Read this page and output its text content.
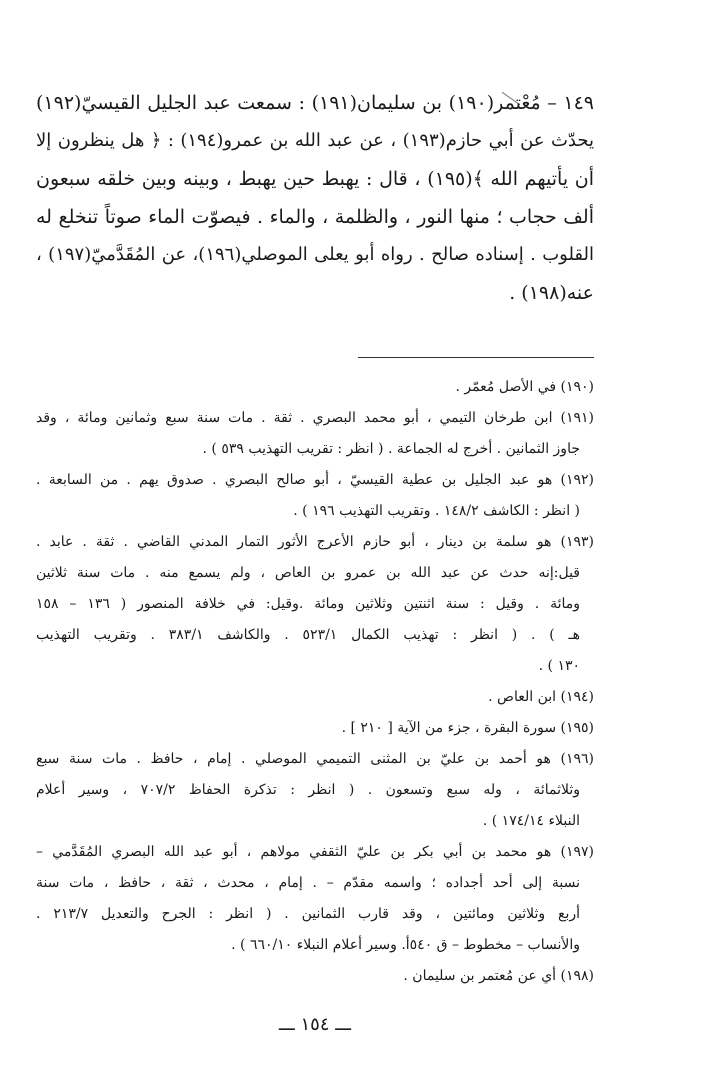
١٤٩ – مُعْتمر(١٩٠) بن سليمان(١٩١) : سمعت عبد الجليل القيسيّ(١٩٢)
يحدّث عن أبي حازم(١٩٣) ، عن عبد الله بن عمرو(١٩٤) : ﴿ هل ينظرون إلا
أن يأتيهم الله ﴾(١٩٥) ، قال : يهبط حين يهبط ، وبينه وبين خلقه سبعون
ألف حجاب ؛ منها النور ، والظلمة ، والماء . فيصوّت الماء صوتاً تنخلع له
القلوب . إسناده صالح . رواه أبو يعلى الموصلي(١٩٦)، عن المُقَدَّميّ(١٩٧) ،
عنه(١٩٨) .
(١٩٠) في الأصل مُعمّر .
(١٩١) ابن طرخان التيمي ، أبو محمد البصري . ثقة . مات سنة سبع وثمانين ومائة ، وقد
جاوز الثمانين . أخرج له الجماعة . ( انظر : تقريب التهذيب ٥٣٩ ) .
(١٩٢) هو عبد الجليل بن عطية القيسيّ ، أبو صالح البصري . صدوق يهم . من السابعة .
( انظر : الكاشف ١٤٨/٢ . وتقريب التهذيب ١٩٦ ) .
(١٩٣) هو سلمة بن دينار ، أبو حازم الأعرج الأثور التمار المدني القاضي . ثقة . عابد .
قيل:إنه حدث عن عبد الله بن عمرو بن العاص ، ولم يسمع منه . مات سنة ثلاثين
ومائة . وقيل : سنة اثنتين وثلاثين ومائة .وقيل: في خلافة المنصور ( ١٣٦ – ١٥٨
هـ ) . ( انظر : تهذيب الكمال ٥٢٣/١ . والكاشف ٣٨٣/١ . وتقريب التهذيب
١٣٠ ) .
(١٩٤) ابن العاص .
(١٩٥) سورة البقرة ، جزء من الآية [ ٢١٠ ] .
(١٩٦) هو أحمد بن عليّ بن المثنى التميمي الموصلي . إمام ، حافظ . مات سنة سبع
وثلاثمائة ، وله سبع وتسعون . ( انظر : تذكرة الحفاظ ٧٠٧/٢ ، وسير أعلام
النبلاء ١٧٤/١٤ ) .
(١٩٧) هو محمد بن أبي بكر بن عليّ الثقفي مولاهم ، أبو عبد الله البصري المُقَدَّمي –
نسبة إلى أحد أجداده ؛ واسمه مقدّم – . إمام ، محدث ، ثقة ، حافظ ، مات سنة
أربع وثلاثين ومائتين ، وقد قارب الثمانين . ( انظر : الجرح والتعديل ٢١٣/٧ .
والأنساب – مخطوط – ق ٥٤٠أ. وسير أعلام النبلاء ٦٦٠/١٠ ) .
(١٩٨) أي عن مُعتمر بن سليمان .
ـــ ١٥٤ ـــ
